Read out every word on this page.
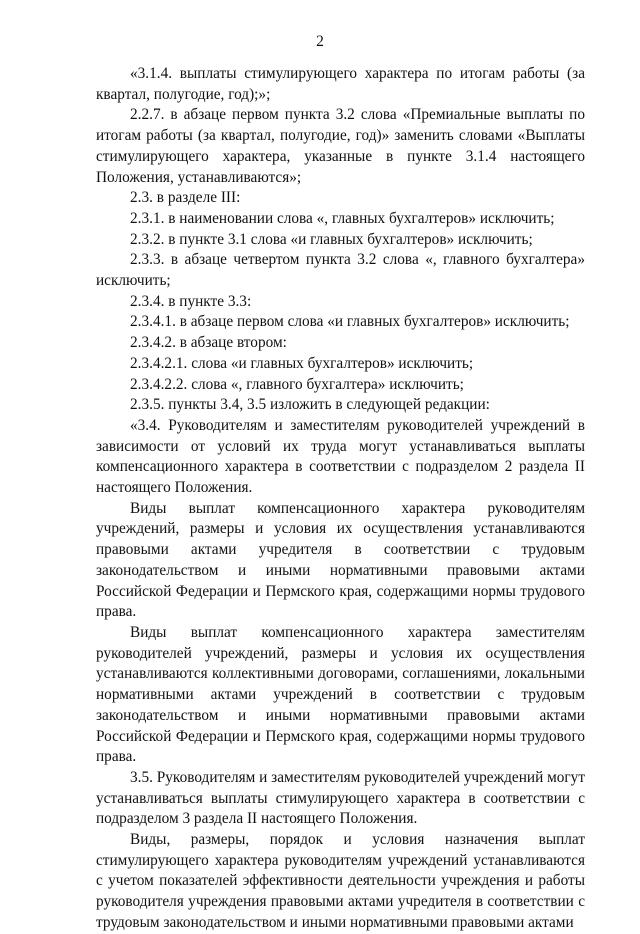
2

«3.1.4. выплаты стимулирующего характера по итогам работы (за квартал, полугодие, год);»;

2.2.7. в абзаце первом пункта 3.2 слова «Премиальные выплаты по итогам работы (за квартал, полугодие, год)» заменить словами «Выплаты стимулирующего характера, указанные в пункте 3.1.4 настоящего Положения, устанавливаются»;

2.3. в разделе III:

2.3.1. в наименовании слова «, главных бухгалтеров» исключить;

2.3.2. в пункте 3.1 слова «и главных бухгалтеров» исключить;

2.3.3. в абзаце четвертом пункта 3.2 слова «, главного бухгалтера» исключить;

2.3.4. в пункте 3.3:

2.3.4.1. в абзаце первом слова «и главных бухгалтеров» исключить;

2.3.4.2. в абзаце втором:

2.3.4.2.1. слова «и главных бухгалтеров» исключить;

2.3.4.2.2. слова «, главного бухгалтера» исключить;

2.3.5. пункты 3.4, 3.5 изложить в следующей редакции:

«3.4. Руководителям и заместителям руководителей учреждений в зависимости от условий их труда могут устанавливаться выплаты компенсационного характера в соответствии с подразделом 2 раздела II настоящего Положения.

Виды выплат компенсационного характера руководителям учреждений, размеры и условия их осуществления устанавливаются правовыми актами учредителя в соответствии с трудовым законодательством и иными нормативными правовыми актами Российской Федерации и Пермского края, содержащими нормы трудового права.

Виды выплат компенсационного характера заместителям руководителей учреждений, размеры и условия их осуществления устанавливаются коллективными договорами, соглашениями, локальными нормативными актами учреждений в соответствии с трудовым законодательством и иными нормативными правовыми актами Российской Федерации и Пермского края, содержащими нормы трудового права.

3.5. Руководителям и заместителям руководителей учреждений могут устанавливаться выплаты стимулирующего характера в соответствии с подразделом 3 раздела II настоящего Положения.

Виды, размеры, порядок и условия назначения выплат стимулирующего характера руководителям учреждений устанавливаются с учетом показателей эффективности деятельности учреждения и работы руководителя учреждения правовыми актами учредителя в соответствии с трудовым законодательством и иными нормативными правовыми актами
